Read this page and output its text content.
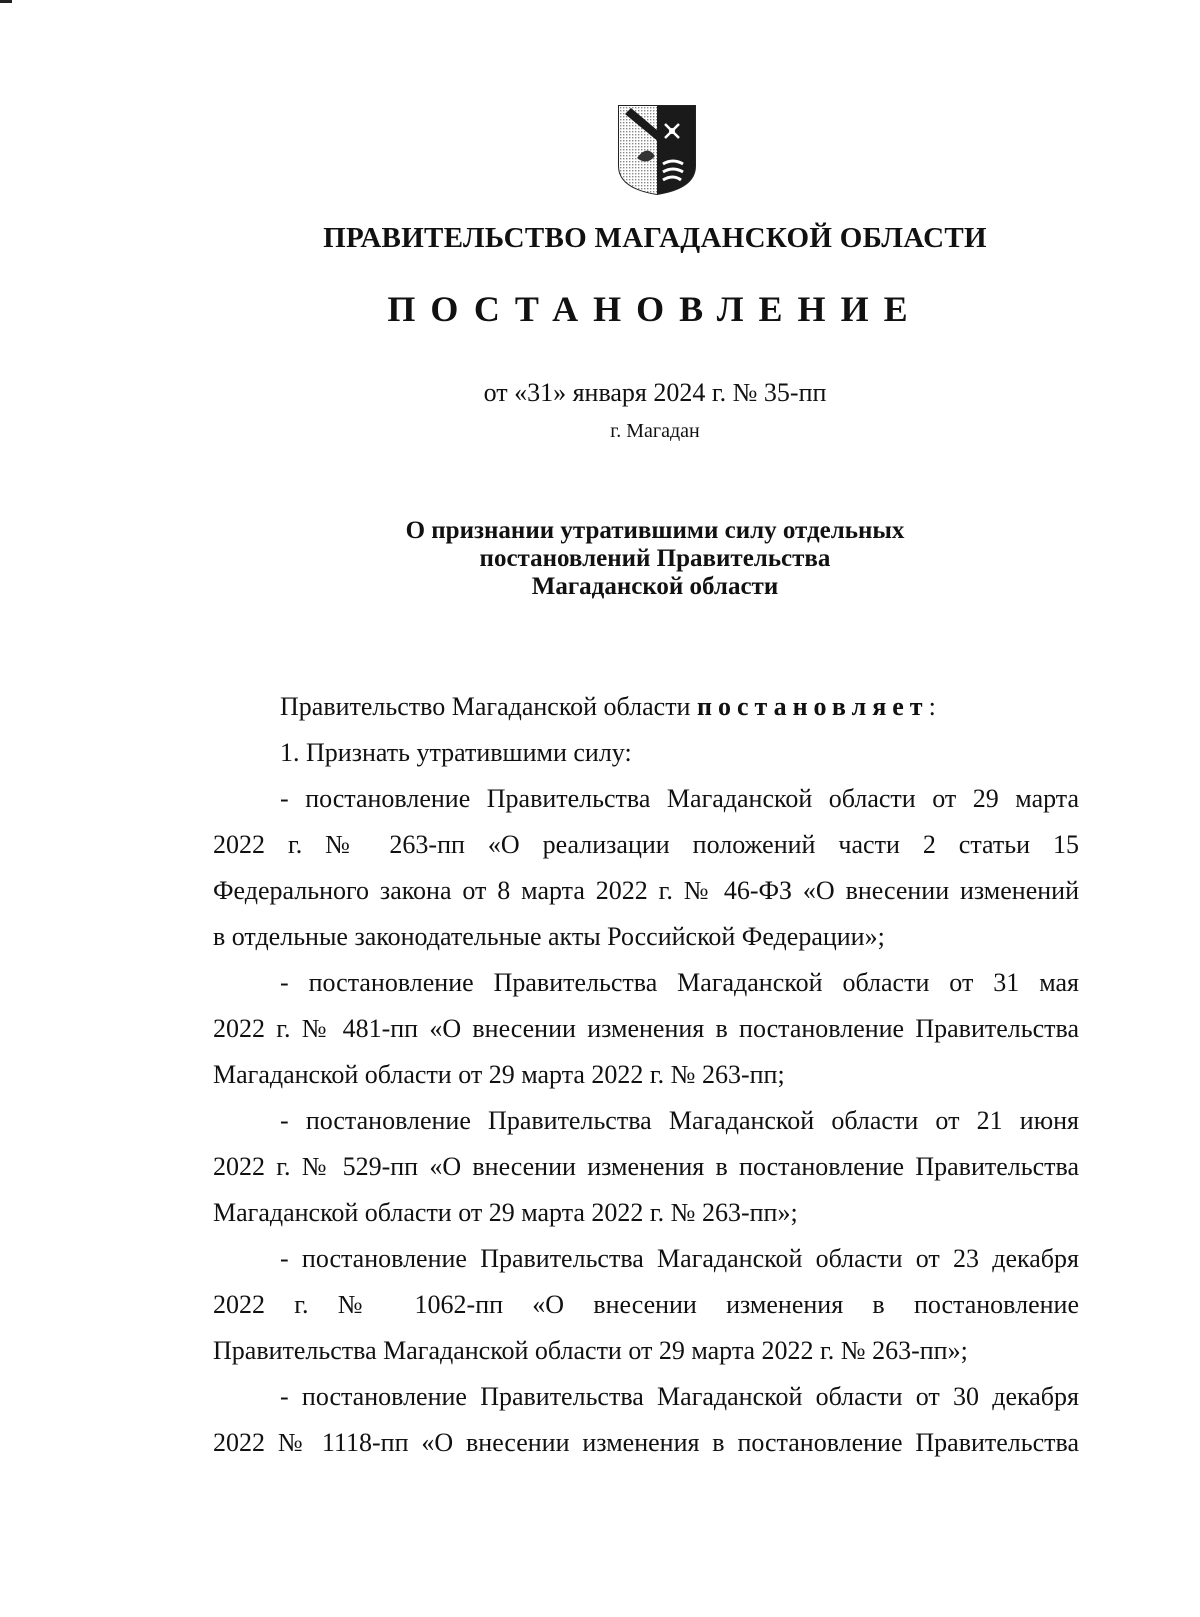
ПРАВИТЕЛЬСТВО МАГАДАНСКОЙ ОБЛАСТИ
ПОСТАНОВЛЕНИЕ
от «31» января 2024 г. № 35-пп
г. Магадан
О признании утратившими силу отдельных
постановлений Правительства
Магаданской области
Правительство Магаданской области постановляет:
1. Признать утратившими силу:
- постановление Правительства Магаданской области от 29 марта
2022 г. № 263-пп «О реализации положений части 2 статьи 15
Федерального закона от 8 марта 2022 г. № 46-ФЗ «О внесении изменений
в отдельные законодательные акты Российской Федерации»;
- постановление Правительства Магаданской области от 31 мая
2022 г. № 481-пп «О внесении изменения в постановление Правительства
Магаданской области от 29 марта 2022 г. № 263-пп;
- постановление Правительства Магаданской области от 21 июня
2022 г. № 529-пп «О внесении изменения в постановление Правительства
Магаданской области от 29 марта 2022 г. № 263-пп»;
- постановление Правительства Магаданской области от 23 декабря
2022 г. № 1062-пп «О внесении изменения в постановление
Правительства Магаданской области от 29 марта 2022 г. № 263-пп»;
- постановление Правительства Магаданской области от 30 декабря
2022 № 1118-пп «О внесении изменения в постановление Правительства
